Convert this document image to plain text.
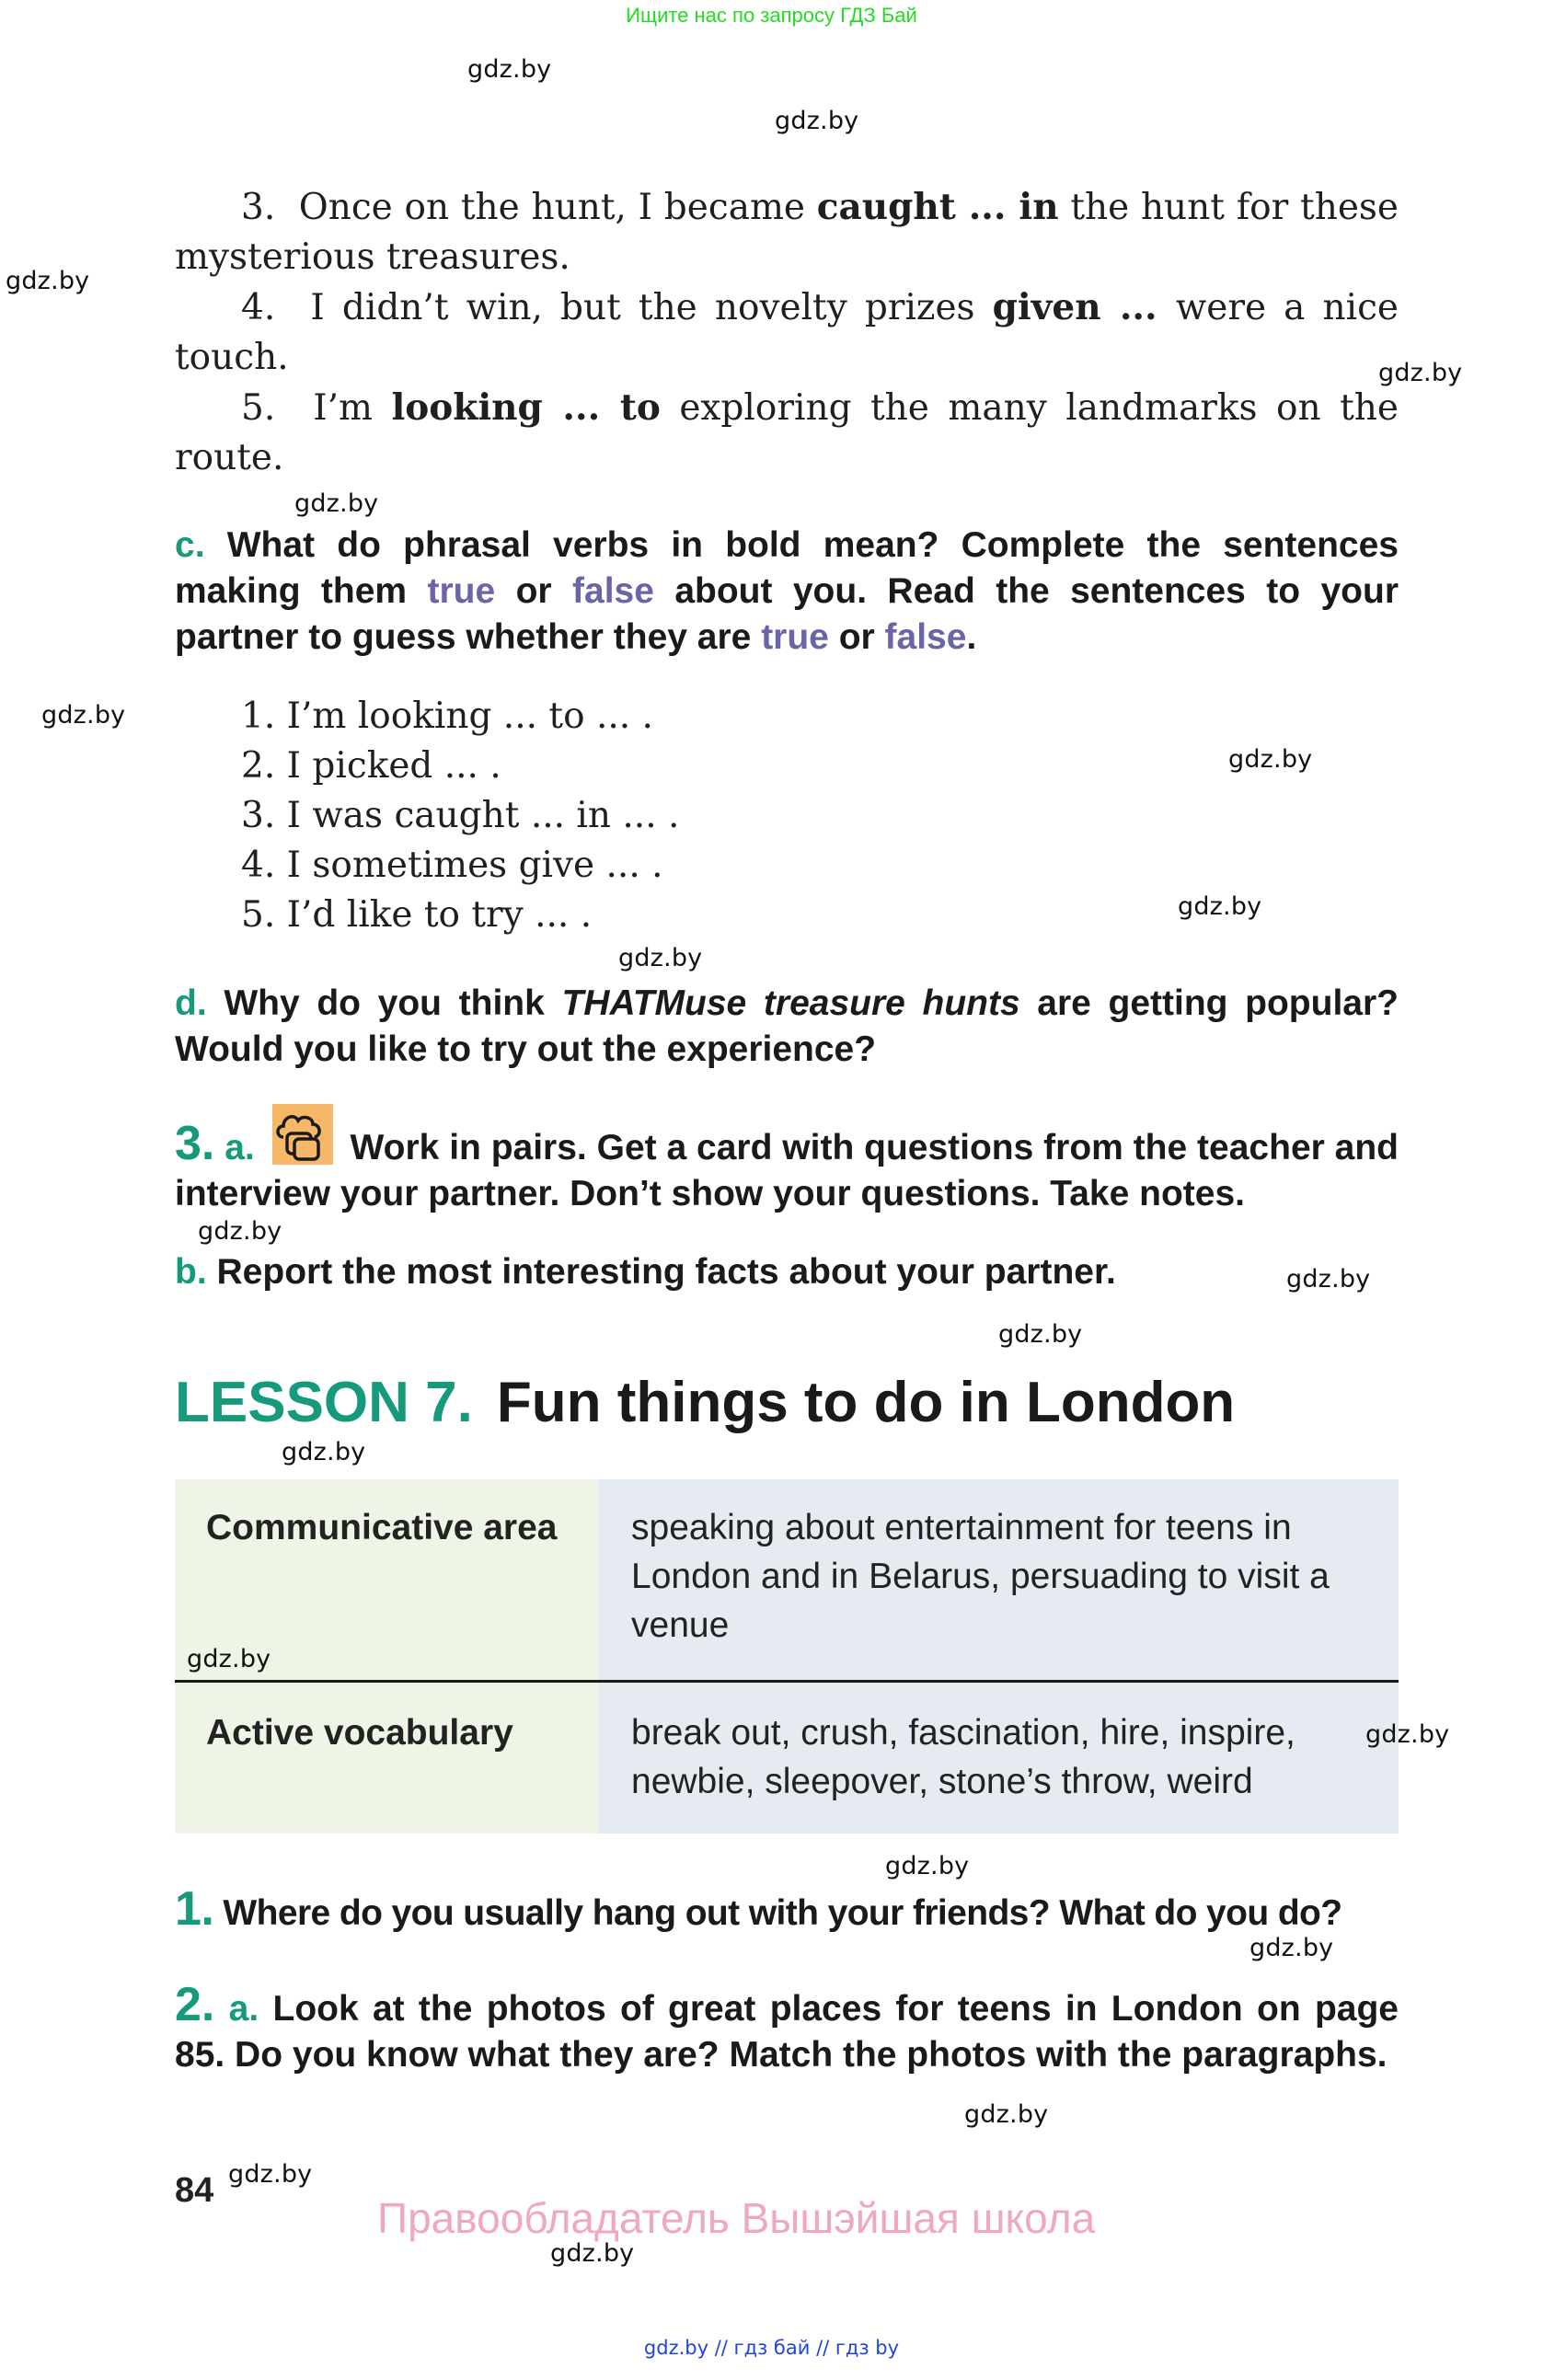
Ищите нас по запросу ГДЗ Бай
gdz.by
gdz.by
gdz.by
gdz.by
gdz.by
gdz.by
gdz.by
gdz.by
gdz.by
gdz.by
gdz.by
gdz.by
gdz.by
gdz.by
gdz.by
gdz.by
gdz.by
gdz.by
gdz.by
gdz.by
3. Once on the hunt, I became caught ... in the hunt for these mysterious treasures.
4. I didn’t win, but the novelty prizes given ... were a nice touch.
5. I’m looking ... to exploring the many landmarks on the route.
c. What do phrasal verbs in bold mean? Complete the sentences making them true or false about you. Read the sentences to your partner to guess whether they are true or false.
1. I’m looking ... to ... .
2. I picked ... .
3. I was caught ... in ... .
4. I sometimes give ... .
5. I’d like to try ... .
d. Why do you think THATMuse treasure hunts are getting popular? Would you like to try out the experience?
3. a.	Work in pairs. Get a card with questions from the teacher and interview your partner. Don’t show your questions. Take notes.
b. Report the most interesting facts about your partner.
LESSON 7. Fun things to do in London
Communicative area	speaking about entertainment for teens in London and in Belarus, persuading to visit a venue
Active vocabulary	break out, crush, fascination, hire, inspire, newbie, sleepover, stone’s throw, weird
1. Where do you usually hang out with your friends? What do you do?
2. a. Look at the photos of great places for teens in London on page 85. Do you know what they are? Match the photos with the paragraphs.
84
Правообладатель Вышэйшая школа
gdz.by // гдз бай // гдз by
